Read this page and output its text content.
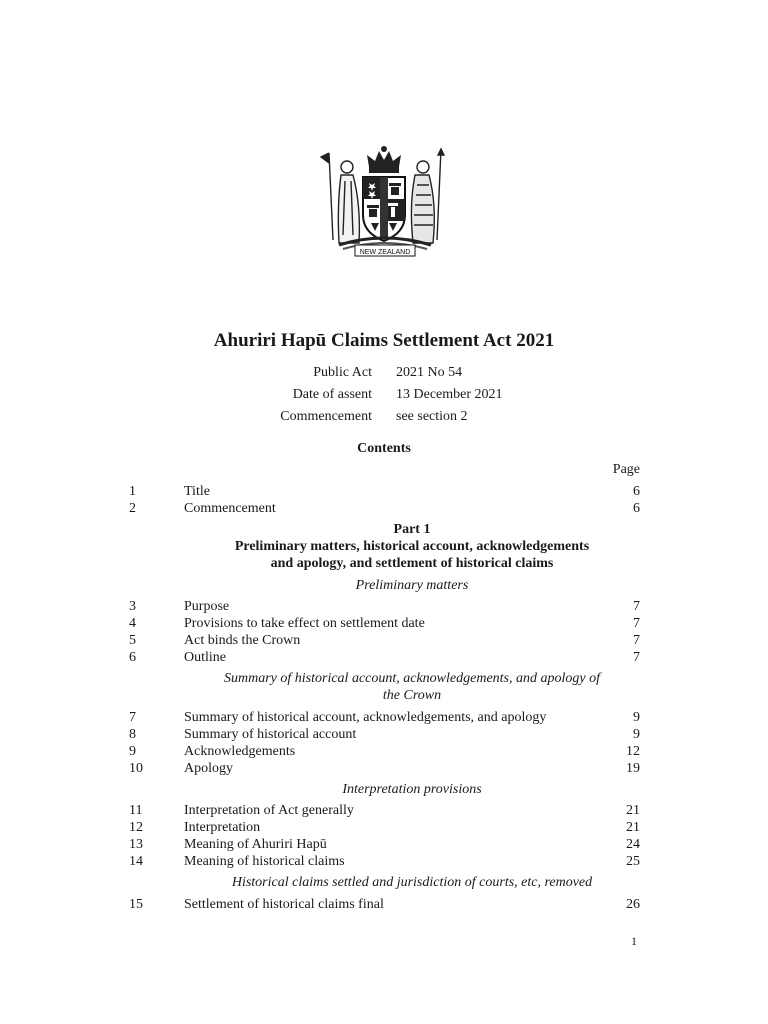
NEW ZEALAND
Ahuriri Hapū Claims Settlement Act 2021
Public Act 2021 No 54
Date of assent 13 December 2021
Commencement see section 2
Contents
Page
1	Title	6
2	Commencement	6
Part 1
Preliminary matters, historical account, acknowledgements
and apology, and settlement of historical claims
Preliminary matters
3	Purpose	7
4	Provisions to take effect on settlement date	7
5	Act binds the Crown	7
6	Outline	7
Summary of historical account, acknowledgements, and apology of
the Crown
7	Summary of historical account, acknowledgements, and apology	9
8	Summary of historical account	9
9	Acknowledgements	12
10	Apology	19
Interpretation provisions
11	Interpretation of Act generally	21
12	Interpretation	21
13	Meaning of Ahuriri Hapū	24
14	Meaning of historical claims	25
Historical claims settled and jurisdiction of courts, etc, removed
15	Settlement of historical claims final	26
1
